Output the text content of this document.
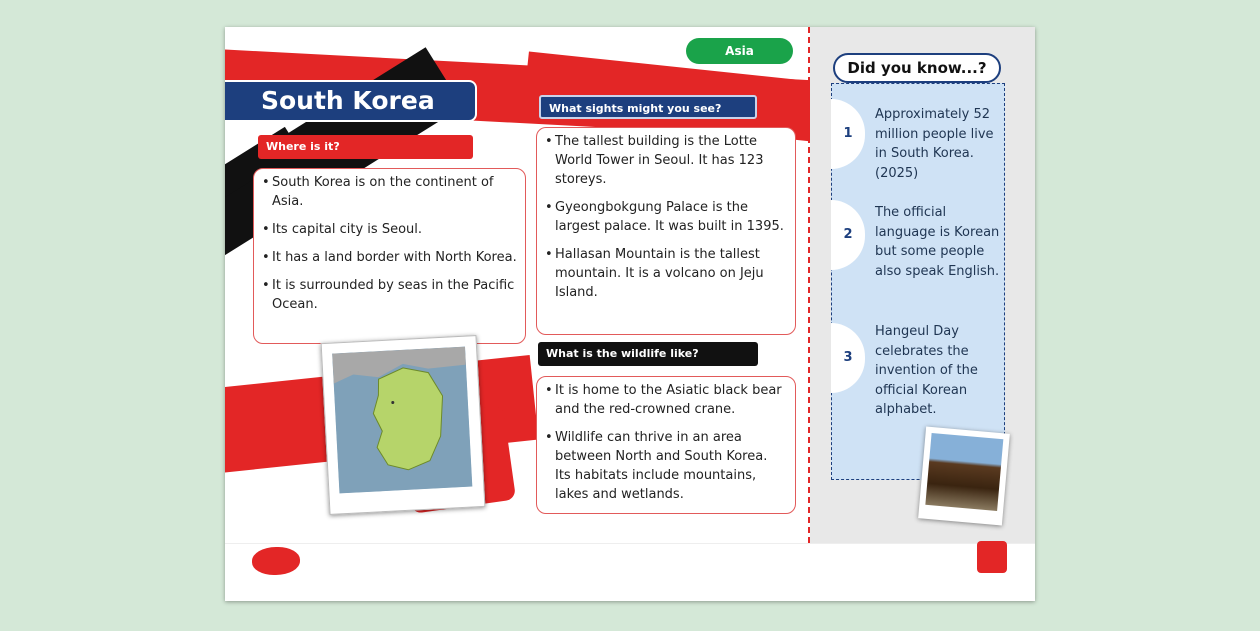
Asia
South Korea
Where is it?
• South Korea is on the continent of Asia.
• Its capital city is Seoul.
• It has a land border with North Korea.
• It is surrounded by seas in the Pacific Ocean.
What sights might you see?
• The tallest building is the Lotte World Tower in Seoul. It has 123 storeys.
• Gyeongbokgung Palace is the largest palace. It was built in 1395.
• Hallasan Mountain is the tallest mountain. It is a volcano on Jeju Island.
What is the wildlife like?
• It is home to the Asiatic black bear and the red-crowned crane.
• Wildlife can thrive in an area between North and South Korea. Its habitats include mountains, lakes and wetlands.
Did you know...?
1
Approximately 52 million people live in South Korea. (2025)
2
The official language is Korean but some people also speak English.
3
Hangeul Day celebrates the invention of the official Korean alphabet.
